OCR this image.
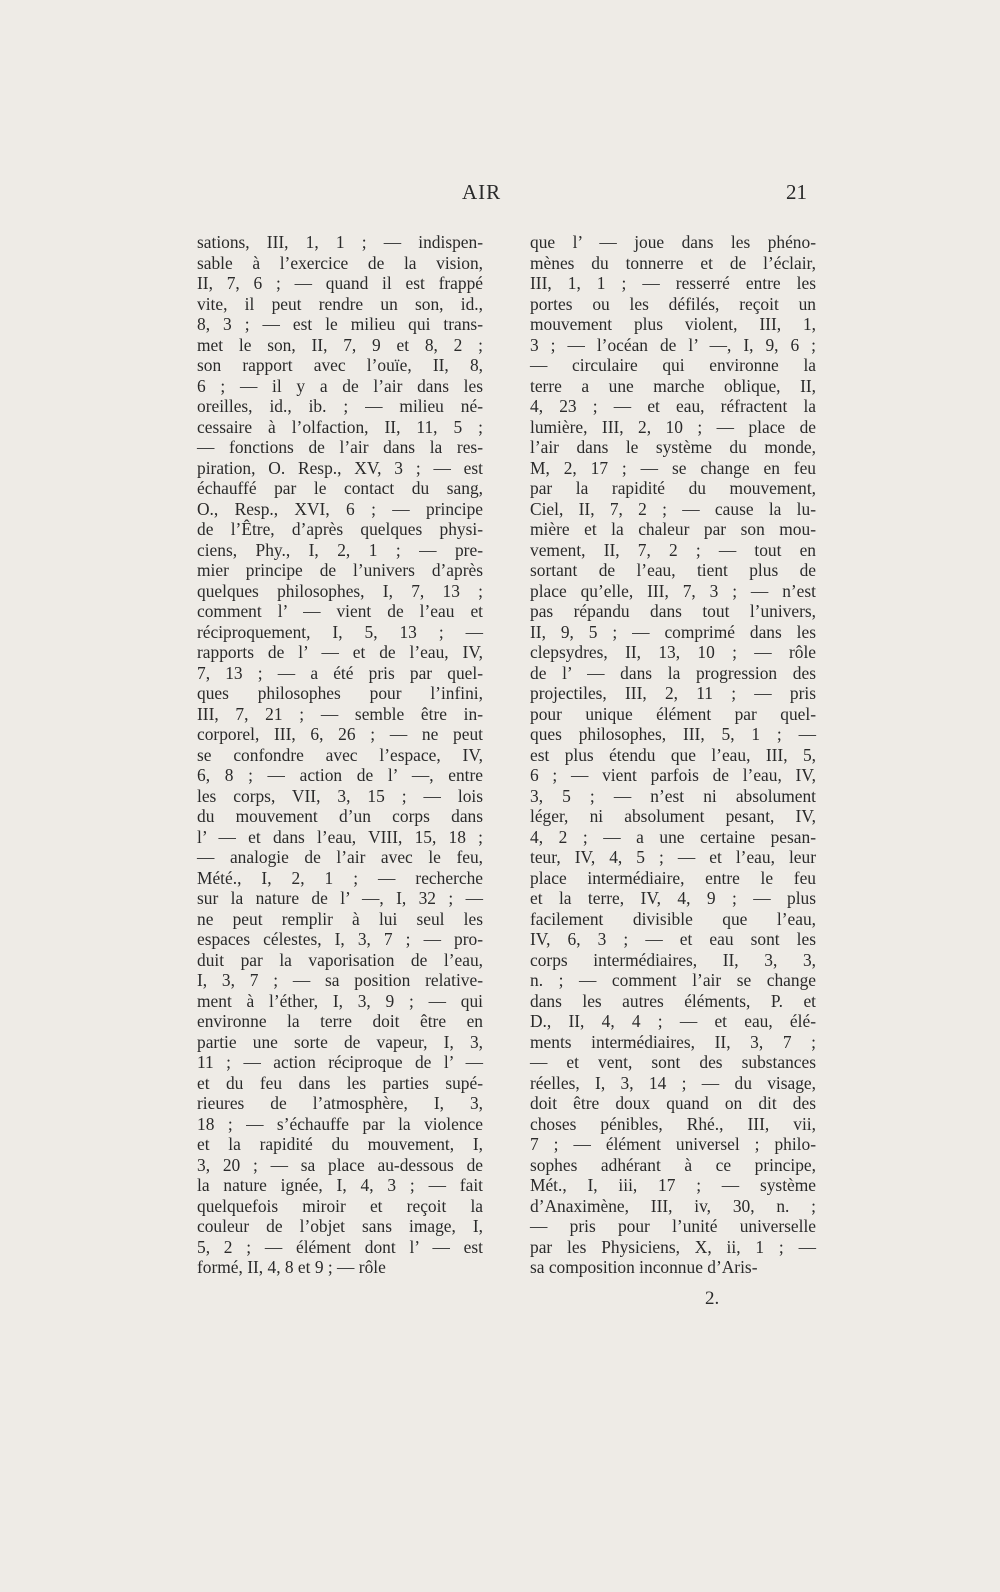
AIR	21
sations, III, 1, 1 ; — indispen-
sable à l’exercice de la vision,
II, 7, 6 ; — quand il est frappé
vite, il peut rendre un son, id.,
8, 3 ; — est le milieu qui trans-
met le son, II, 7, 9 et 8, 2 ;
son rapport avec l’ouïe, II, 8,
6 ; — il y a de l’air dans les
oreilles, id., ib. ; — milieu né-
cessaire à l’olfaction, II, 11, 5 ;
— fonctions de l’air dans la res-
piration, O. Resp., XV, 3 ; — est
échauffé par le contact du sang,
O., Resp., XVI, 6 ; — principe
de l’Être, d’après quelques physi-
ciens, Phy., I, 2, 1 ; — pre-
mier principe de l’univers d’après
quelques philosophes, I, 7, 13 ;
comment l’ — vient de l’eau et
réciproquement, I, 5, 13 ; —
rapports de l’ — et de l’eau, IV,
7, 13 ; — a été pris par quel-
ques philosophes pour l’infini,
III, 7, 21 ; — semble être in-
corporel, III, 6, 26 ; — ne peut
se confondre avec l’espace, IV,
6, 8 ; — action de l’ —, entre
les corps, VII, 3, 15 ; — lois
du mouvement d’un corps dans
l’ — et dans l’eau, VIII, 15, 18 ;
— analogie de l’air avec le feu,
Mété., I, 2, 1 ; — recherche
sur la nature de l’ —, I, 32 ; —
ne peut remplir à lui seul les
espaces célestes, I, 3, 7 ; — pro-
duit par la vaporisation de l’eau,
I, 3, 7 ; — sa position relative-
ment à l’éther, I, 3, 9 ; — qui
environne la terre doit être en
partie une sorte de vapeur, I, 3,
11 ; — action réciproque de l’ —
et du feu dans les parties supé-
rieures de l’atmosphère, I, 3,
18 ; — s’échauffe par la violence
et la rapidité du mouvement, I,
3, 20 ; — sa place au-dessous de
la nature ignée, I, 4, 3 ; — fait
quelquefois miroir et reçoit la
couleur de l’objet sans image, I,
5, 2 ; — élément dont l’ — est
formé, II, 4, 8 et 9 ; — rôle
que l’ — joue dans les phéno-
mènes du tonnerre et de l’éclair,
III, 1, 1 ; — resserré entre les
portes ou les défilés, reçoit un
mouvement plus violent, III, 1,
3 ; — l’océan de l’ —, I, 9, 6 ;
— circulaire qui environne la
terre a une marche oblique, II,
4, 23 ; — et eau, réfractent la
lumière, III, 2, 10 ; — place de
l’air dans le système du monde,
M, 2, 17 ; — se change en feu
par la rapidité du mouvement,
Ciel, II, 7, 2 ; — cause la lu-
mière et la chaleur par son mou-
vement, II, 7, 2 ; — tout en
sortant de l’eau, tient plus de
place qu’elle, III, 7, 3 ; — n’est
pas répandu dans tout l’univers,
II, 9, 5 ; — comprimé dans les
clepsydres, II, 13, 10 ; — rôle
de l’ — dans la progression des
projectiles, III, 2, 11 ; — pris
pour unique élément par quel-
ques philosophes, III, 5, 1 ; —
est plus étendu que l’eau, III, 5,
6 ; — vient parfois de l’eau, IV,
3, 5 ; — n’est ni absolument
léger, ni absolument pesant, IV,
4, 2 ; — a une certaine pesan-
teur, IV, 4, 5 ; — et l’eau, leur
place intermédiaire, entre le feu
et la terre, IV, 4, 9 ; — plus
facilement divisible que l’eau,
IV, 6, 3 ; — et eau sont les
corps intermédiaires, II, 3, 3,
n. ; — comment l’air se change
dans les autres éléments, P. et
D., II, 4, 4 ; — et eau, élé-
ments intermédiaires, II, 3, 7 ;
— et vent, sont des substances
réelles, I, 3, 14 ; — du visage,
doit être doux quand on dit des
choses pénibles, Rhé., III, vii,
7 ; — élément universel ; philo-
sophes adhérant à ce principe,
Mét., I, iii, 17 ; — système
d’Anaximène, III, iv, 30, n. ;
— pris pour l’unité universelle
par les Physiciens, X, ii, 1 ; —
sa composition inconnue d’Aris-
2.
